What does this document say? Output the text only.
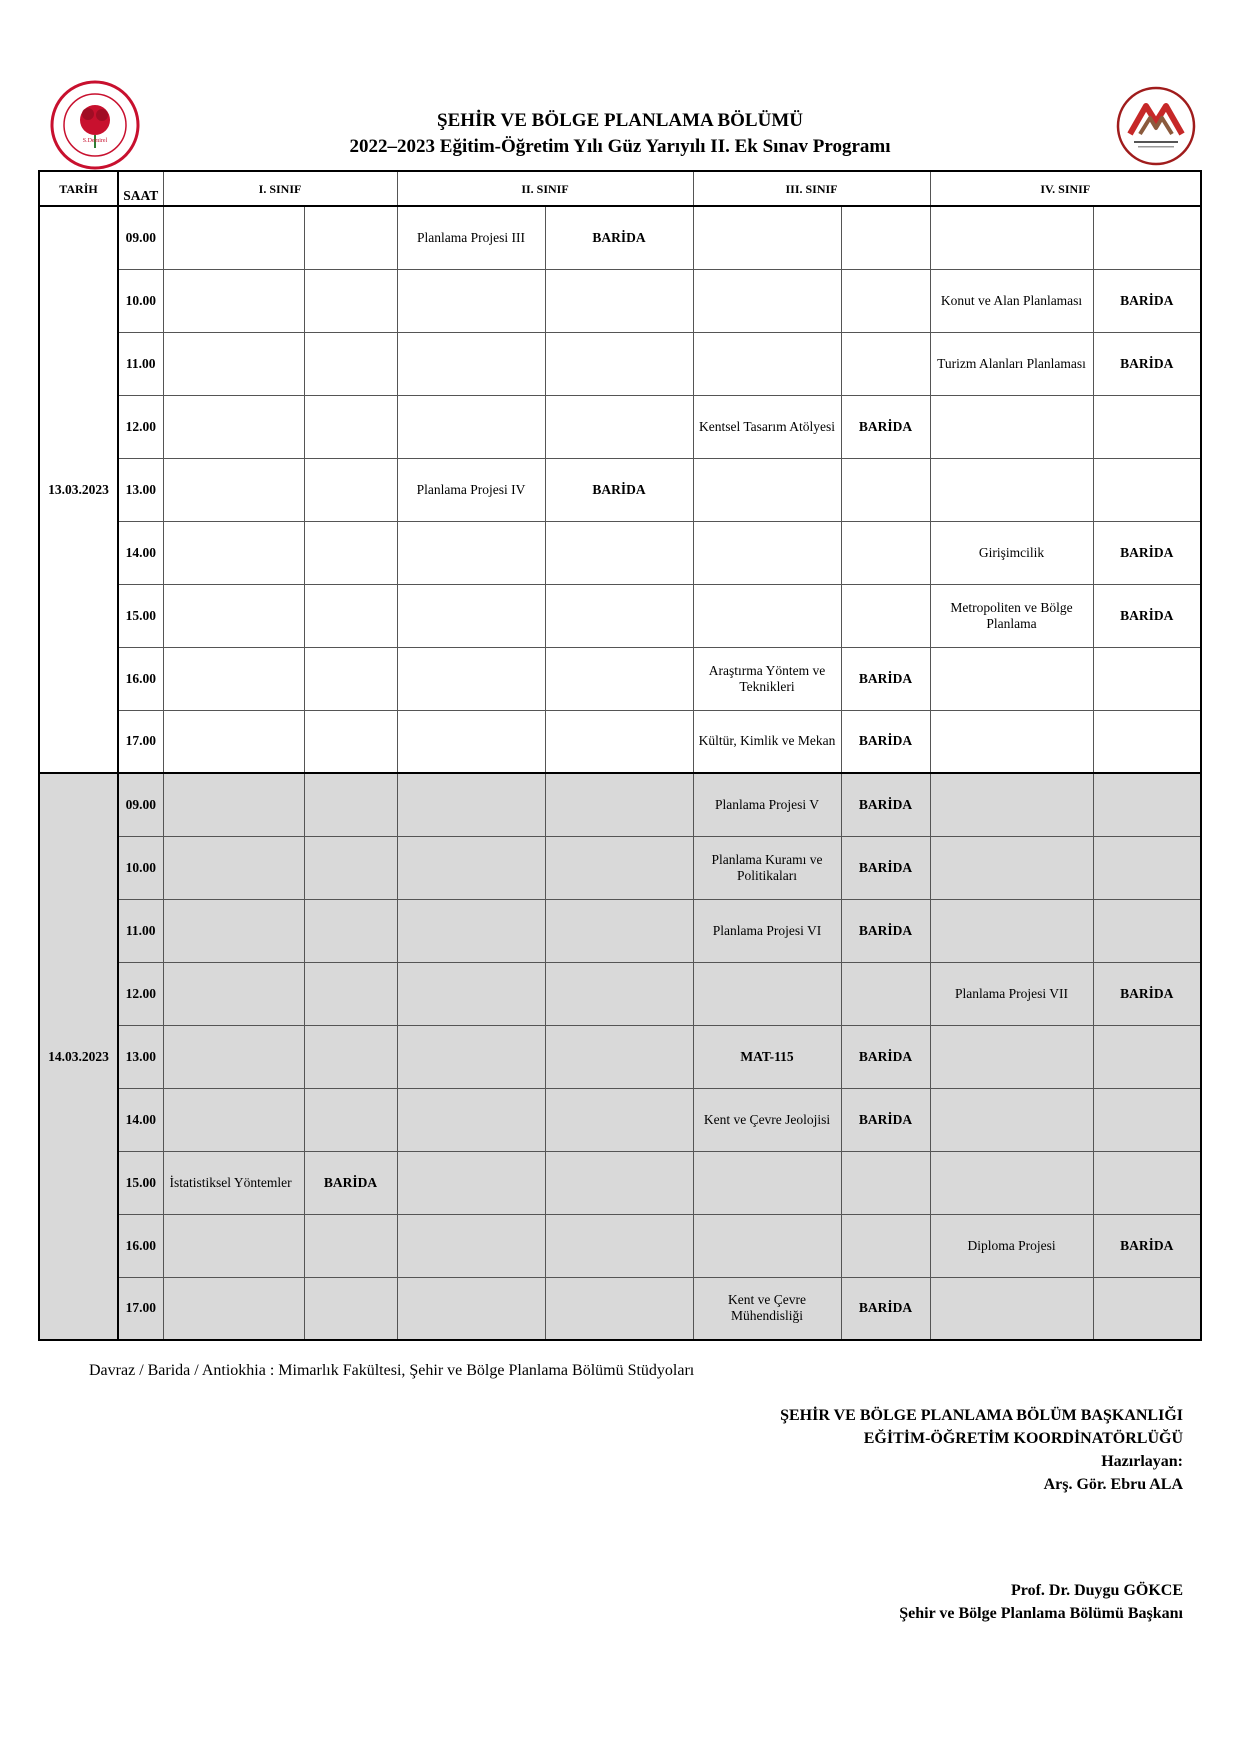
S.Demirel
ŞEHİR VE BÖLGE PLANLAMA BÖLÜMÜ
2022–2023 Eğitim-Öğretim Yılı Güz Yarıyılı II. Ek Sınav Programı
TARİH	SAAT	I. SINIF		II. SINIF		III. SINIF		IV. SINIF	
13.03.2023	09.00			Planlama Projesi III	BARİDA				
	10.00							Konut ve Alan Planlaması	BARİDA
	11.00							Turizm Alanları Planlaması	BARİDA
	12.00					Kentsel Tasarım Atölyesi	BARİDA		
	13.00			Planlama Projesi IV	BARİDA				
	14.00							Girişimcilik	BARİDA
	15.00							Metropoliten ve Bölge Planlama	BARİDA
	16.00					Araştırma Yöntem ve Teknikleri	BARİDA		
	17.00					Kültür, Kimlik ve Mekan	BARİDA		
14.03.2023	09.00					Planlama Projesi V	BARİDA		
	10.00					Planlama Kuramı ve Politikaları	BARİDA		
	11.00					Planlama Projesi VI	BARİDA		
	12.00							Planlama Projesi VII	BARİDA
	13.00					MAT-115	BARİDA		
	14.00					Kent ve Çevre Jeolojisi	BARİDA		
	15.00	İstatistiksel Yöntemler	BARİDA						
	16.00							Diploma Projesi	BARİDA
	17.00					Kent ve Çevre Mühendisliği	BARİDA		
Davraz / Barida / Antiokhia : Mimarlık Fakültesi, Şehir ve Bölge Planlama Bölümü Stüdyoları
ŞEHİR VE BÖLGE PLANLAMA BÖLÜM BAŞKANLIĞI
EĞİTİM-ÖĞRETİM KOORDİNATÖRLÜĞÜ
Hazırlayan:
Arş. Gör. Ebru ALA
Prof. Dr. Duygu GÖKCE
Şehir ve Bölge Planlama Bölümü Başkanı
